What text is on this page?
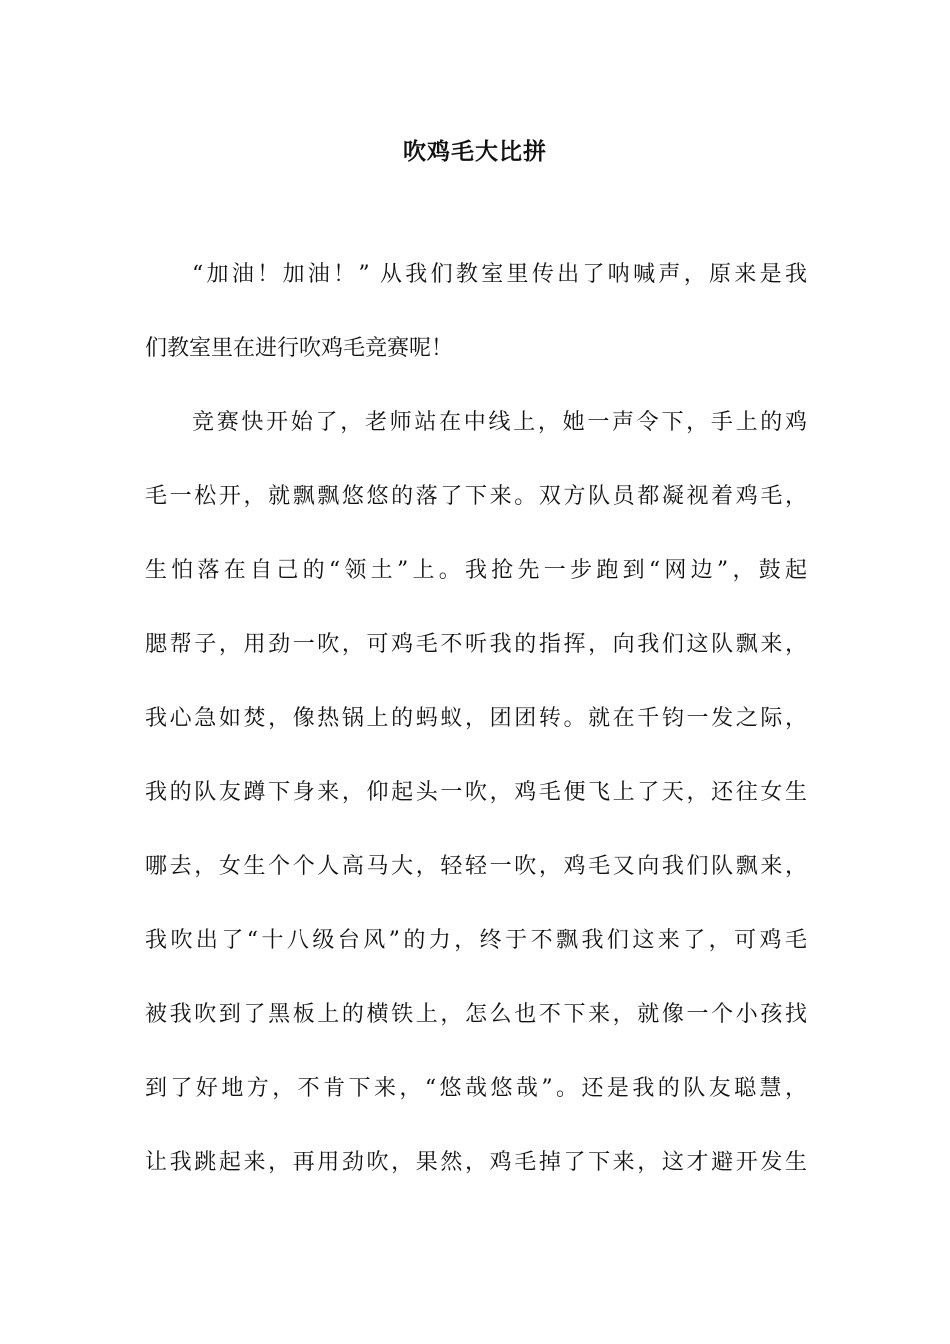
吹鸡毛大比拼
“加油！加油！” 从我们教室里传出了呐喊声，原来是我
们教室里在进行吹鸡毛竞赛呢！
竞赛快开始了，老师站在中线上，她一声令下，手上的鸡
毛一松开，就飘飘悠悠的落了下来。双方队员都凝视着鸡毛，
生怕落在自己的“领土”上。我抢先一步跑到“网边”，鼓起
腮帮子，用劲一吹，可鸡毛不听我的指挥，向我们这队飘来，
我心急如焚，像热锅上的蚂蚁，团团转。就在千钧一发之际，
我的队友蹲下身来，仰起头一吹，鸡毛便飞上了天，还往女生
哪去，女生个个人高马大，轻轻一吹，鸡毛又向我们队飘来，
我吹出了“十八级台风”的力，终于不飘我们这来了，可鸡毛
被我吹到了黑板上的横铁上，怎么也不下来，就像一个小孩找
到了好地方，不肯下来，“悠哉悠哉”。还是我的队友聪慧，
让我跳起来，再用劲吹，果然，鸡毛掉了下来，这才避开发生
